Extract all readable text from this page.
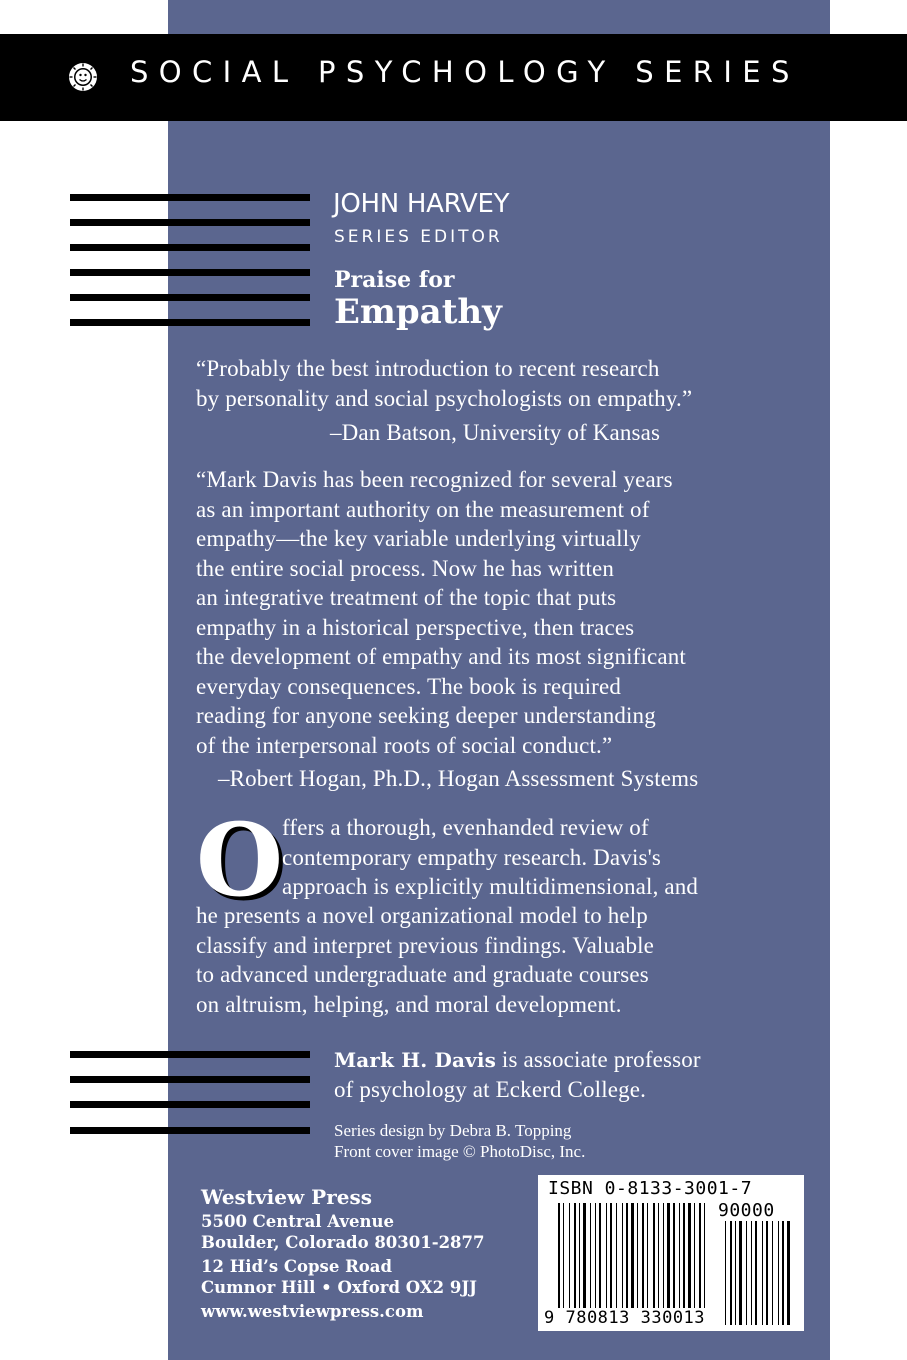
SOCIAL PSYCHOLOGY SERIES
JOHN HARVEY
SERIES EDITOR
Praise for
Empathy
“Probably the best introduction to recent research
by personality and social psychologists on empathy.”
–Dan Batson, University of Kansas
“Mark Davis has been recognized for several years
as an important authority on the measurement of
empathy—the key variable underlying virtually
the entire social process. Now he has written
an integrative treatment of the topic that puts
empathy in a historical perspective, then traces
the development of empathy and its most significant
everyday consequences. The book is required
reading for anyone seeking deeper understanding
of the interpersonal roots of social conduct.”
–Robert Hogan, Ph.D., Hogan Assessment Systems
O
ffers a thorough, evenhanded review of
contemporary empathy research. Davis's
approach is explicitly multidimensional, and
he presents a novel organizational model to help
classify and interpret previous findings. Valuable
to advanced undergraduate and graduate courses
on altruism, helping, and moral development.
Mark H. Davis is associate professor
of psychology at Eckerd College.
Series design by Debra B. Topping
Front cover image © PhotoDisc, Inc.
Westview Press
5500 Central Avenue
Boulder, Colorado 80301-2877
12 Hid’s Copse Road
Cumnor Hill • Oxford OX2 9JJ
www.westviewpress.com
ISBN 0-8133-3001-7
90000
9 780813 330013
